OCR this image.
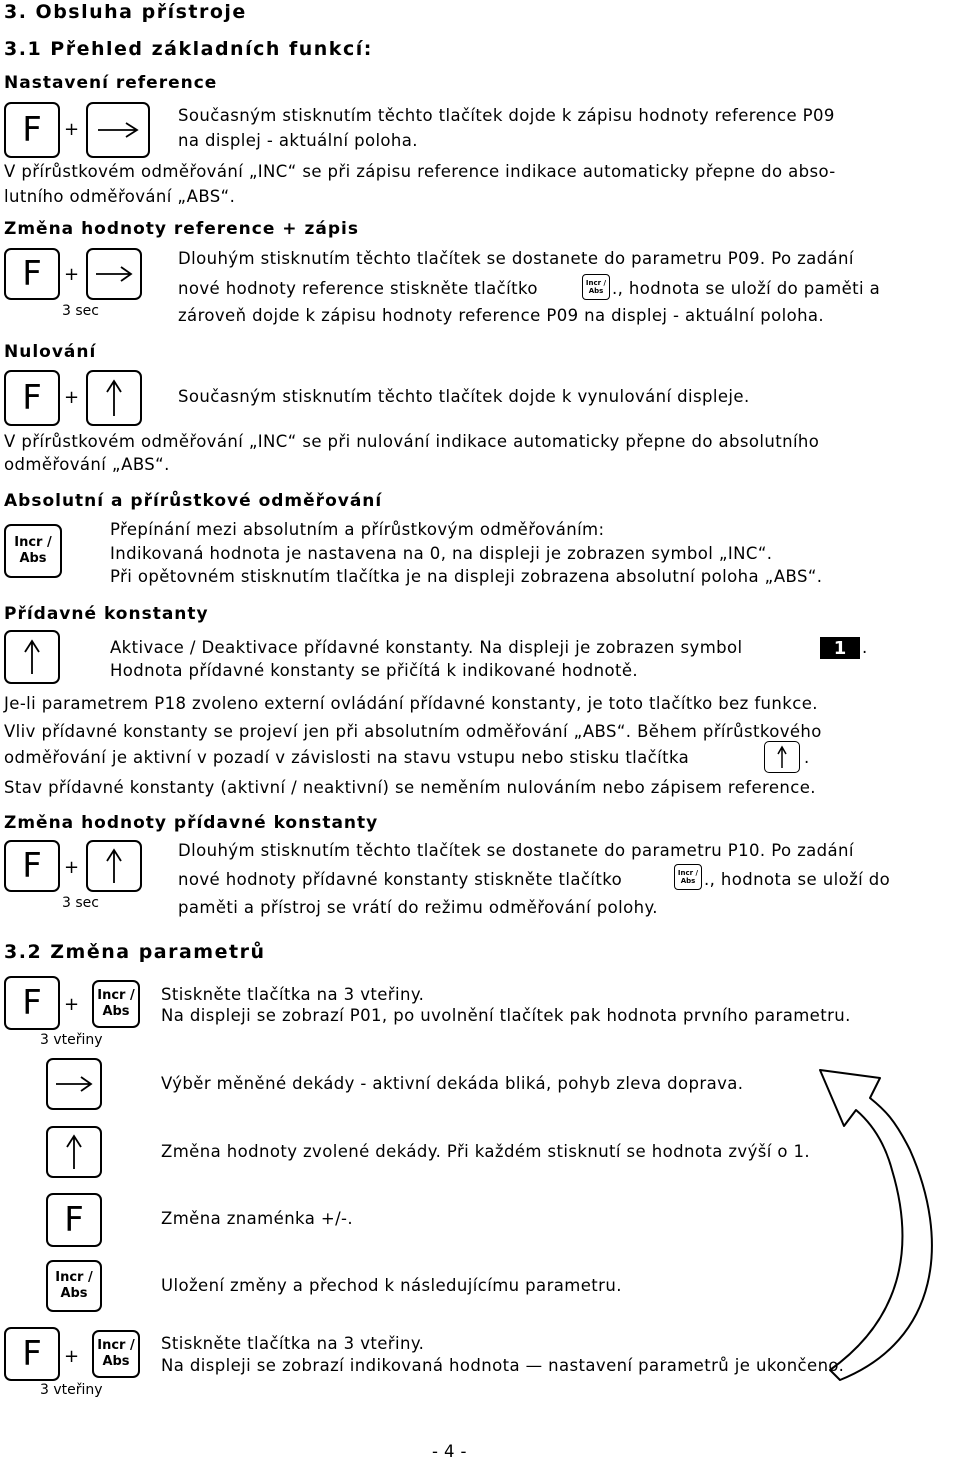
3. Obsluha přístroje
3.1 Přehled základních funkcí:
Nastavení reference
F +
Současným stisknutím těchto tlačítek dojde k zápisu hodnoty reference P09
na displej - aktuální poloha.
V přírůstkovém odměřování „INC“ se při zápisu reference indikace automaticky přepne do abso-
lutního odměřování „ABS“.
Změna hodnoty reference + zápis
F +
3 sec
Dlouhým stisknutím těchto tlačítek se dostanete do parametru P09. Po zadání
nové hodnoty reference stiskněte tlačítko	Incr /
Abs ., hodnota se uloží do paměti a
zároveň dojde k zápisu hodnoty reference P09 na displej - aktuální poloha.
Nulování
F +	Současným stisknutím těchto tlačítek dojde k vynulování displeje.
V přírůstkovém odměřování „INC“ se při nulování indikace automaticky přepne do absolutního
odměřování „ABS“.
Absolutní a přírůstkové odměřování
Incr /
Abs
Přepínání mezi absolutním a přírůstkovým odměřováním:
Indikovaná hodnota je nastavena na 0, na displeji je zobrazen symbol „INC“.
Při opětovném stisknutím tlačítka je na displeji zobrazena absolutní poloha „ABS“.
Přídavné konstanty
Aktivace / Deaktivace přídavné konstanty. Na displeji je zobrazen symbol	1 .
Hodnota přídavné konstanty se přičítá k indikované hodnotě.
Je-li parametrem P18 zvoleno externí ovládání přídavné konstanty, je toto tlačítko bez funkce.
Vliv přídavné konstanty se projeví jen při absolutním odměřování „ABS“. Během přírůstkového
odměřování je aktivní v pozadí v závislosti na stavu vstupu nebo stisku tlačítka	.
Stav přídavné konstanty (aktivní / neaktivní) se neměním nulováním nebo zápisem reference.
Změna hodnoty přídavné konstanty
F +
3 sec
Dlouhým stisknutím těchto tlačítek se dostanete do parametru P10. Po zadání
nové hodnoty přídavné konstanty stiskněte tlačítko	Incr /
Abs ., hodnota se uloží do
paměti a přístroj se vrátí do režimu odměřování polohy.
3.2 Změna parametrů
F + Incr /
Abs
3 vteřiny
Stiskněte tlačítka na 3 vteřiny.
Na displeji se zobrazí P01, po uvolnění tlačítek pak hodnota prvního parametru.
Výběr měněné dekády - aktivní dekáda bliká, pohyb zleva doprava.
Změna hodnoty zvolené dekády. Při každém stisknutí se hodnota zvýší o 1.
F	Změna znaménka +/-.
Incr /
Abs	Uložení změny a přechod k následujícímu parametru.
F +
Incr /
Abs
3 vteřiny
Stiskněte tlačítka na 3 vteřiny.
Na displeji se zobrazí indikovaná hodnota — nastavení parametrů je ukončeno.
- 4 -
